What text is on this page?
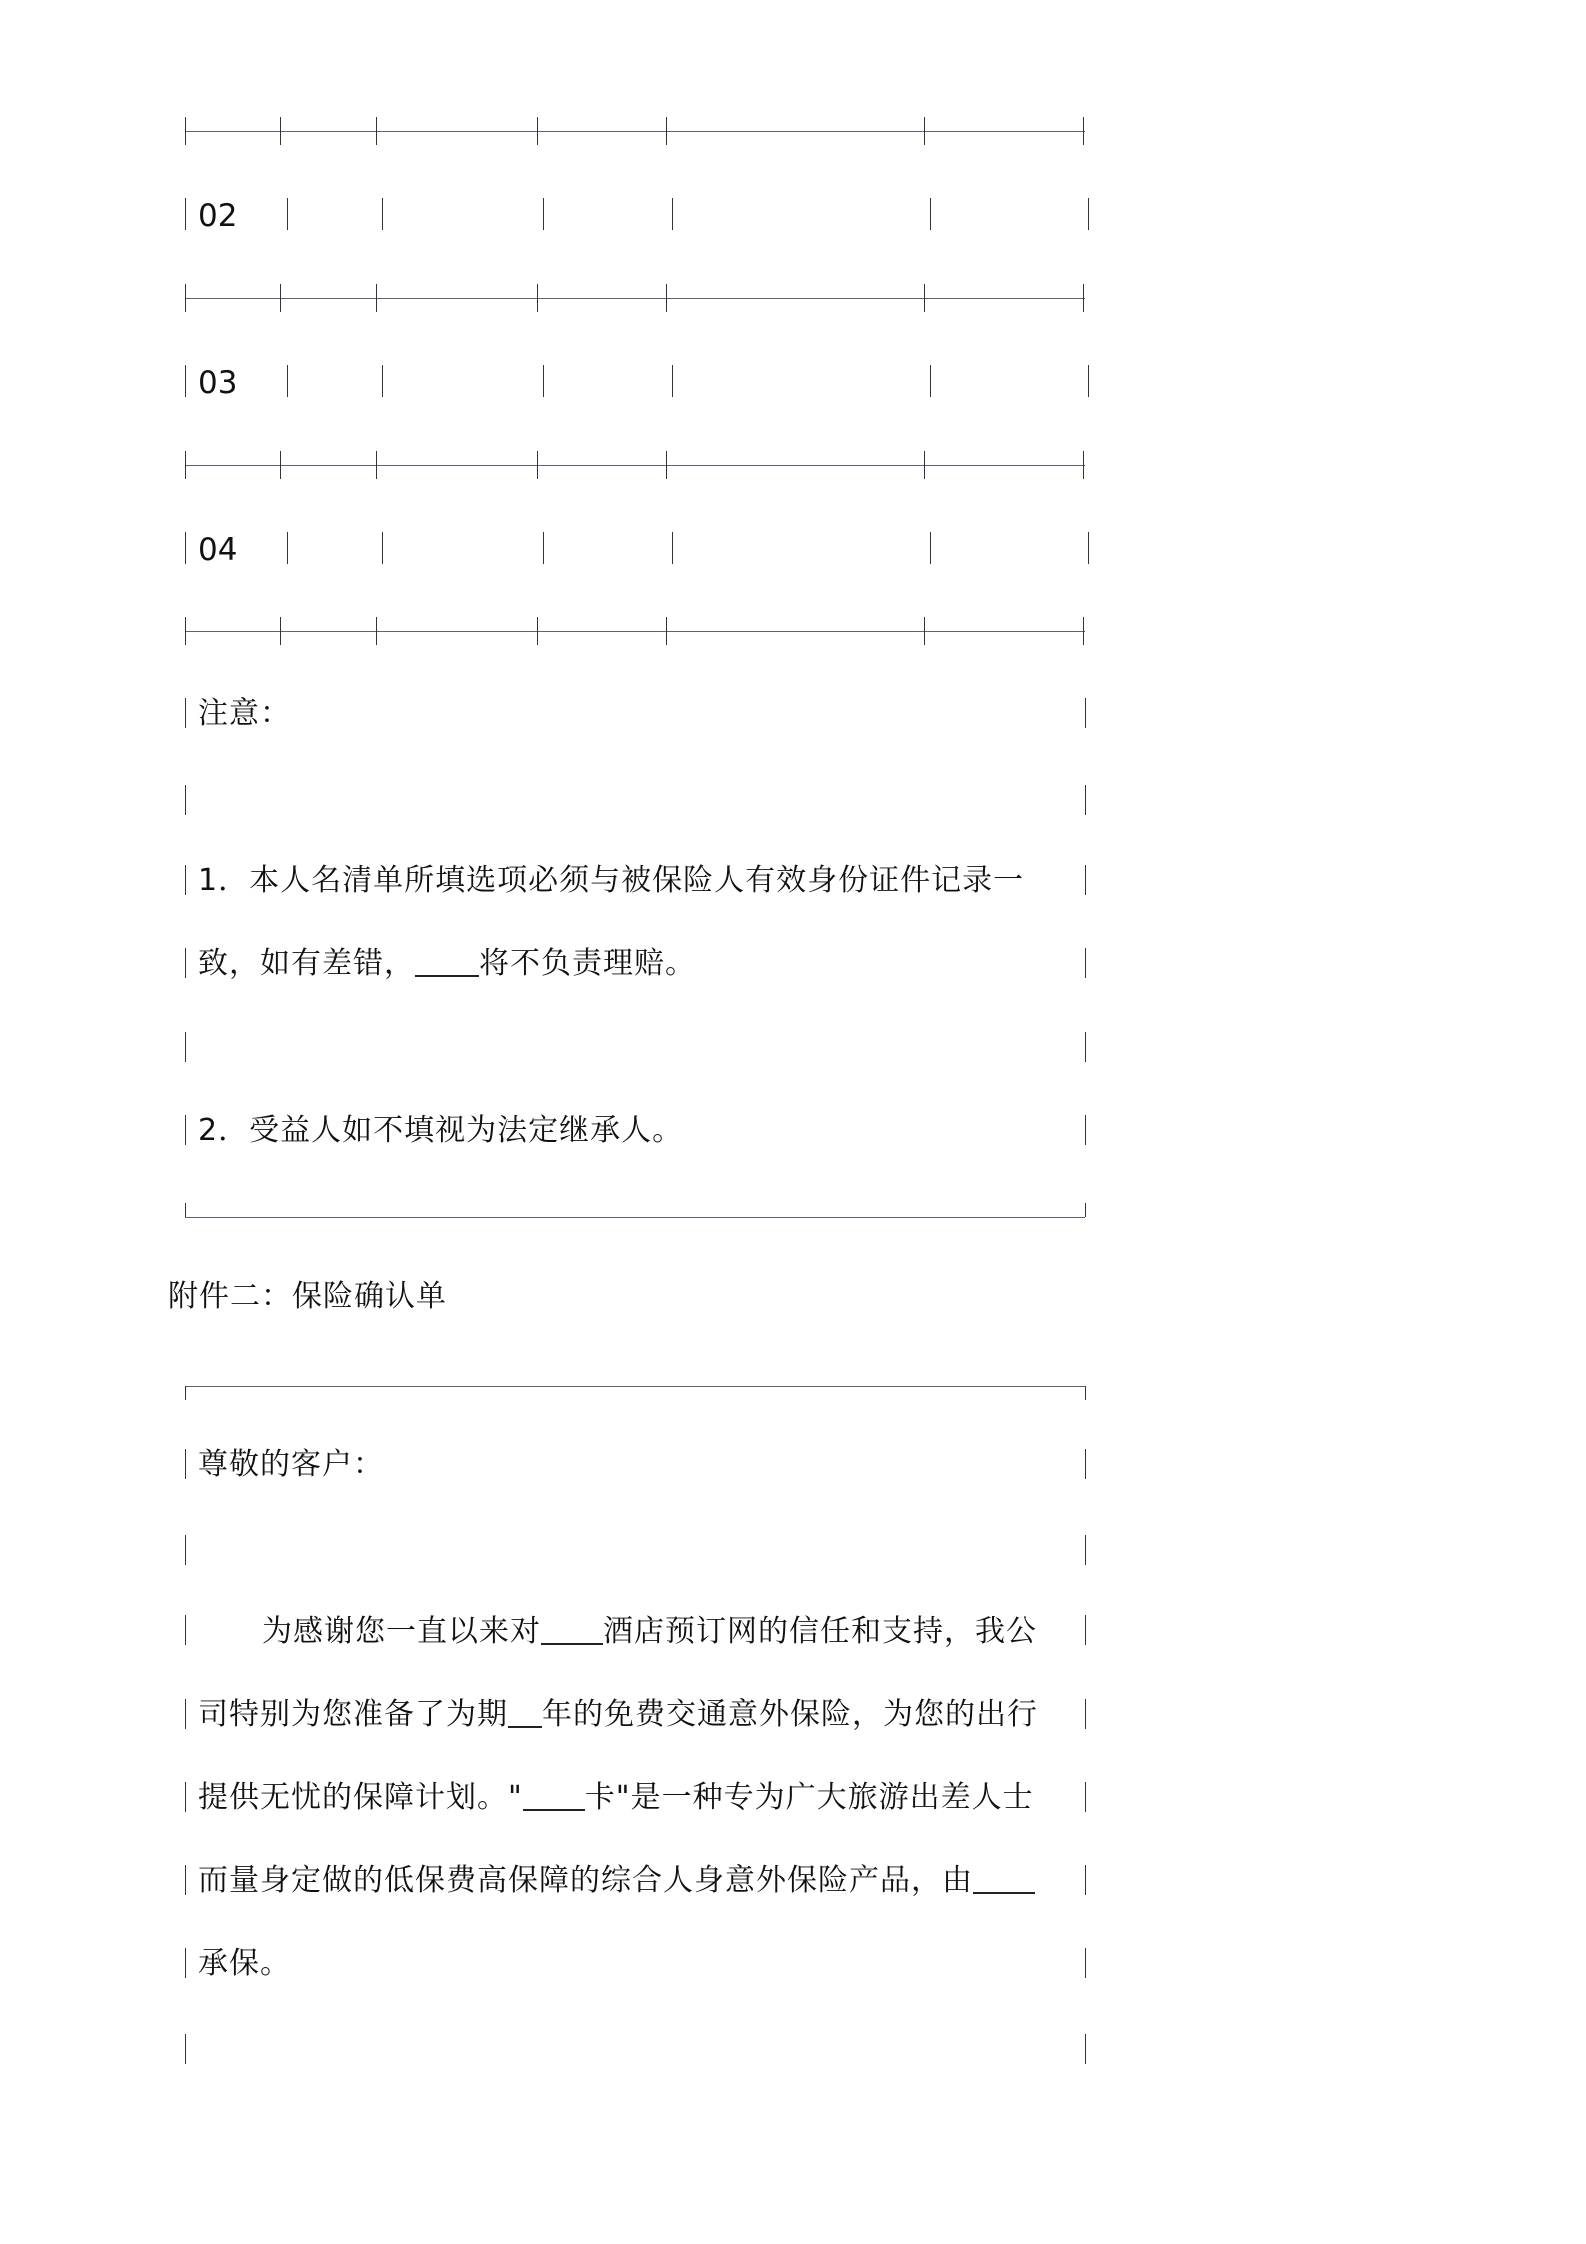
02
03
04
注意：
1．本人名清单所填选项必须与被保险人有效身份证件记录一
致，如有差错， 将不负责理赔。
2．受益人如不填视为法定继承人。
附件二：保险确认单
尊敬的客户：
为感谢您一直以来对 酒店预订网的信任和支持，我公
司特别为您准备了为期 年的免费交通意外保险，为您的出行
提供无忧的保障计划。" 卡"是一种专为广大旅游出差人士
而量身定做的低保费高保障的综合人身意外保险产品，由
承保。
